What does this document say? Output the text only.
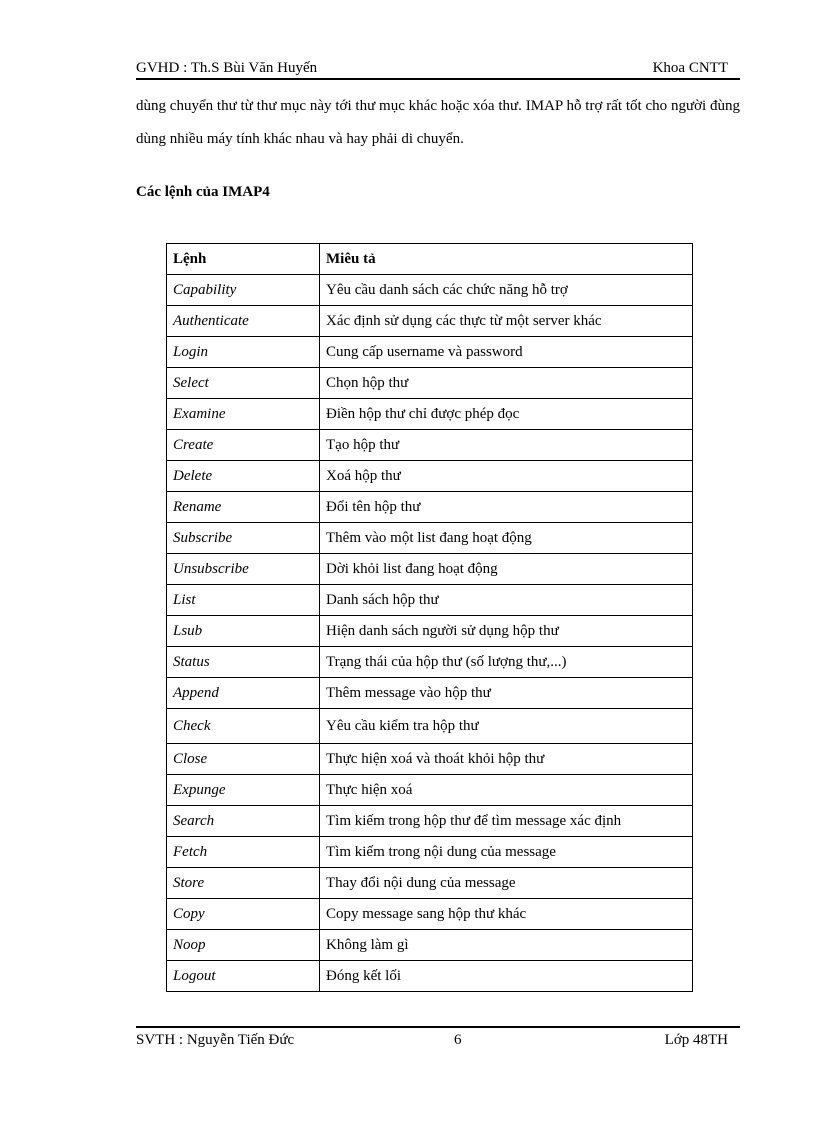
GVHD : Th.S Bùi Văn Huyến	Khoa CNTT

dùng chuyển thư từ thư mục này tới thư mục khác hoặc xóa thư. IMAP hỗ trợ rất tốt cho người đùng dùng nhiều máy tính khác nhau và hay phải di chuyển.

Các lệnh của IMAP4
Lệnh	Miêu tả
Capability	Yêu cầu danh sách các chức năng hỗ trợ
Authenticate	Xác định sử dụng các thực từ một server khác
Login	Cung cấp username và password
Select	Chọn hộp thư
Examine	Điền hộp thư chỉ được phép đọc
Create	Tạo hộp thư
Delete	Xoá hộp thư
Rename	Đổi tên hộp thư
Subscribe	Thêm vào một list đang hoạt động
Unsubscribe	Dời khỏi list đang hoạt động
List	Danh sách hộp thư
Lsub	Hiện danh sách người sử dụng hộp thư
Status	Trạng thái của hộp thư (số lượng thư,...)
Append	Thêm message vào hộp thư
Check	Yêu cầu kiểm tra hộp thư
Close	Thực hiện xoá và thoát khỏi hộp thư
Expunge	Thực hiện xoá
Search	Tìm kiếm trong hộp thư để tìm message xác định
Fetch	Tìm kiếm trong nội dung của message
Store	Thay đổi nội dung của message
Copy	Copy message sang hộp thư khác
Noop	Không làm gì
Logout	Đóng kết lối
SVTH : Nguyễn Tiến Đức	6	Lớp 48TH
